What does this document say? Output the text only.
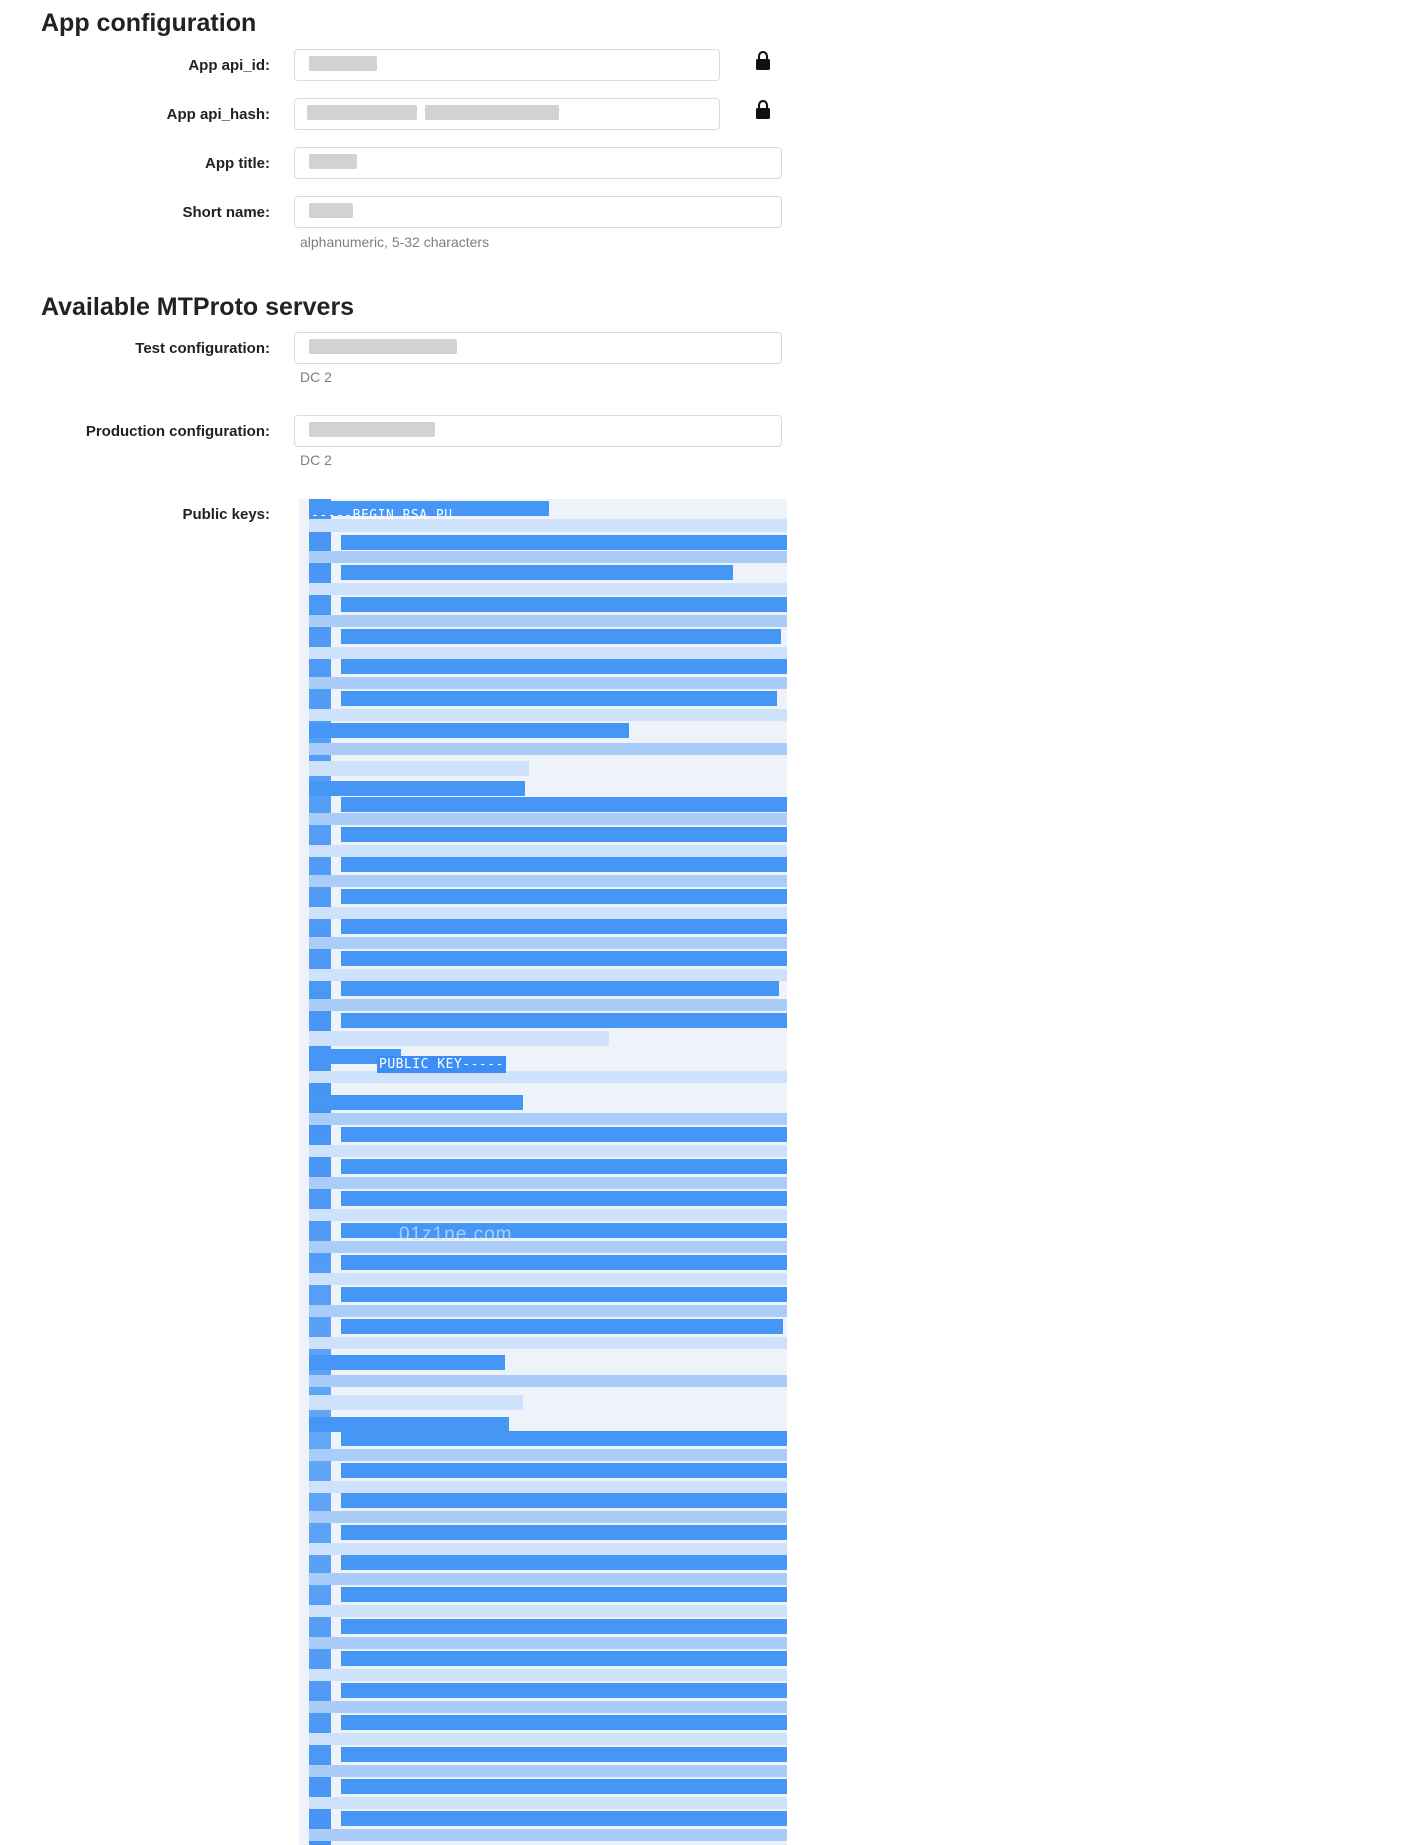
App configuration
App api_id:
App api_hash:
App title:
Short name:
alphanumeric, 5-32 characters
Available MTProto servers
Test configuration:
DC 2
Production configuration:
DC 2
Public keys:	-----BEGIN RSA PU
PUBLIC KEY-----
01z1ne.com
